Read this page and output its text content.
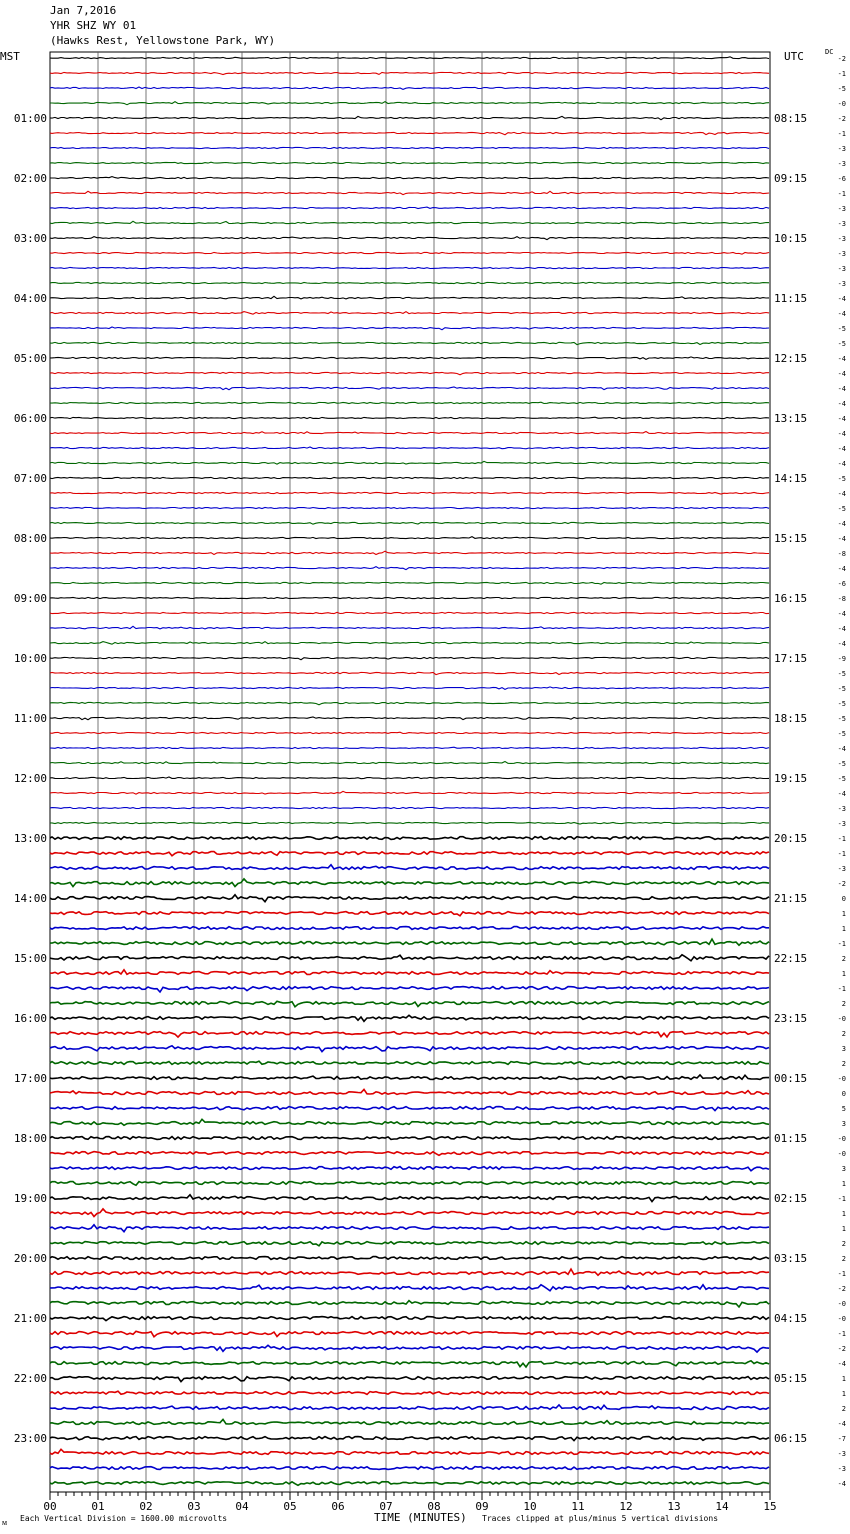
Jan 7,2016
YHR SHZ WY 01
(Hawks Rest, Yellowstone Park, WY)
MST	UTC	DC
-2
-1
-5
-0
-2
-1
-3
-3
-6
-1
-3
-3
-3
-3
-3
-3
-4
-4
-5
-5
-4
-4
-4
-4
-4
-4
-4
-4
-5
-4
-5
-4
-4
-8
-4
-6
-8
-4
-4
-4
-9
-5
-5
-5
-5
-5
-4
-5
-5
-4
-3
-3
-1
-1
-3
-2
0
1
1
-1
2
1
-1
2
-0
2
3
2
-0
0
5
3
-0
-0
3
1
-1
1
1
2
2
-1
-2
-0
-0
-1
-2
-4
1
1
2
-4
-7
-3
-3
-4
01:00	08:15
02:00	09:15
03:00	10:15
04:00	11:15
05:00	12:15
06:00	13:15
07:00	14:15
08:00	15:15
09:00	16:15
10:00	17:15
11:00	18:15
12:00	19:15
13:00	20:15
14:00	21:15
15:00	22:15
16:00	23:15
17:00	00:15
18:00	01:15
19:00	02:15
20:00	03:15
21:00	04:15
22:00	05:15
23:00	06:15
00	01	02	03	04	05	06	07	08	09	10	11	12	13	14	15
Each Vertical Division = 1600.00 microvolts	TIME (MINUTES) Traces clipped at plus/minus 5 vertical divisions
ᴍ
